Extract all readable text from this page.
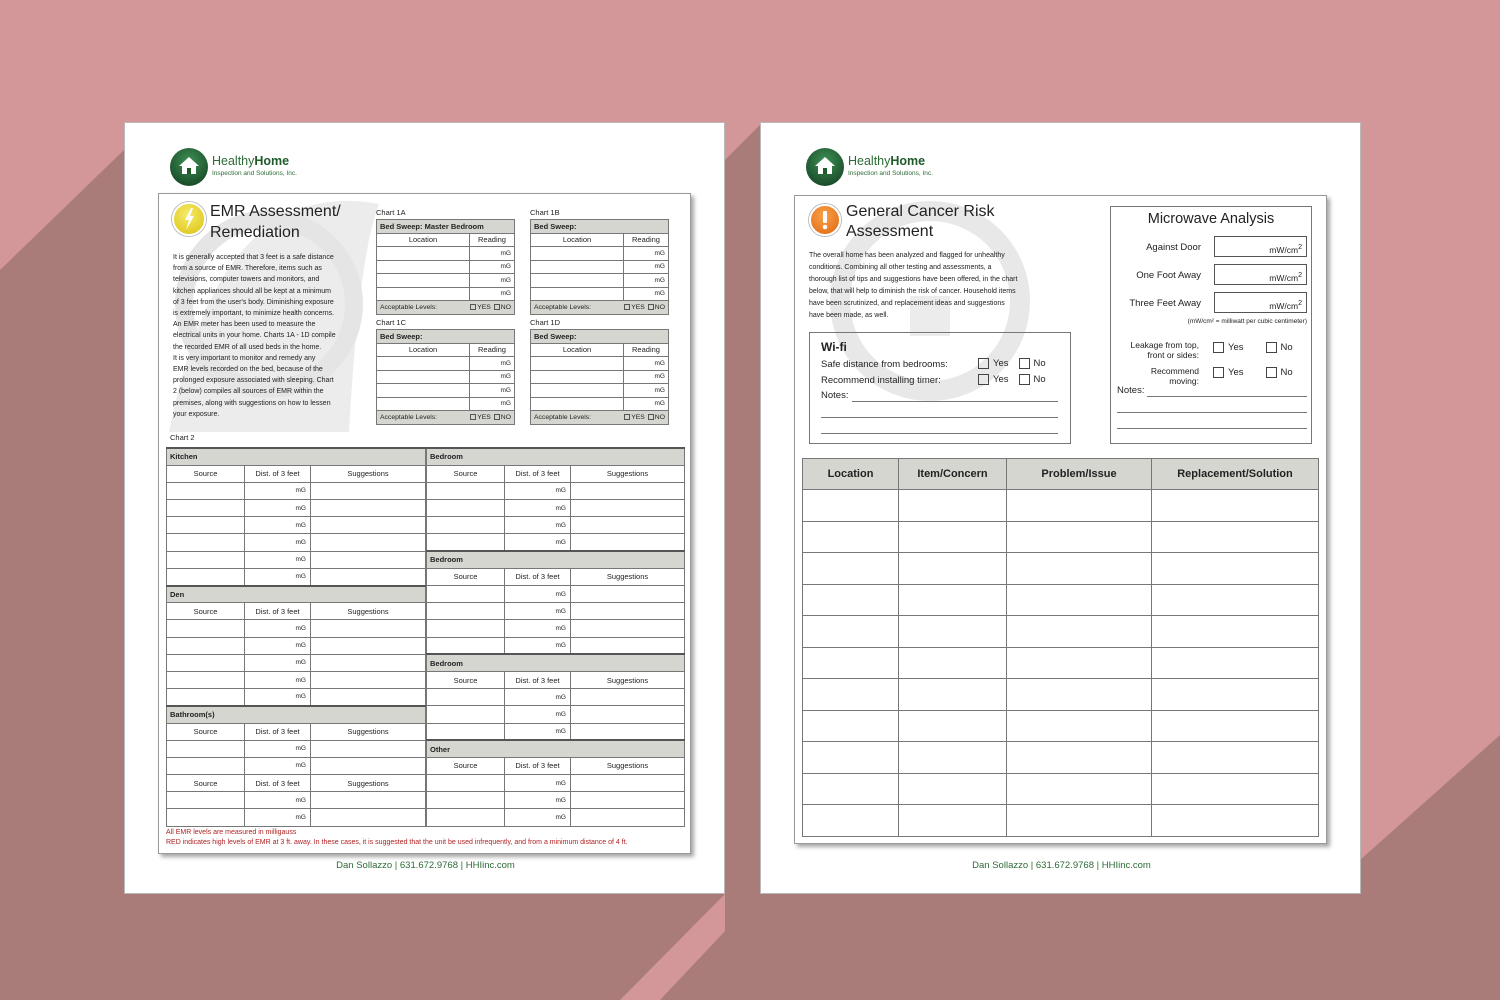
HealthyHome
Inspection and Solutions, Inc.
EMR Assessment/
Remediation
It is generally accepted that 3 feet is a safe distance
from a source of EMR. Therefore, items such as
televisions, computer towers and monitors, and
kitchen appliances should all be kept at a minimum
of 3 feet from the user's body. Diminishing exposure
is extremely important, to minimize health concerns.
An EMR meter has been used to measure the
electrical units in your home. Charts 1A - 1D compile
the recorded EMR of all used beds in the home.
It is very important to monitor and remedy any
EMR levels recorded on the bed, because of the
prolonged exposure associated with sleeping. Chart
2 (below) compiles all sources of EMR within the
premises, along with suggestions on how to lessen
your exposure.
Chart 1A
Bed Sweep: Master Bedroom	
Location	Reading
	mG
	mG
	mG
	mG
Acceptable Levels: YES NO	
Chart 1B
Bed Sweep:	
Location	Reading
	mG
	mG
	mG
	mG
Acceptable Levels: YES NO	
Chart 1C
Bed Sweep:	
Location	Reading
	mG
	mG
	mG
	mG
Acceptable Levels: YES NO	
Chart 1D
Bed Sweep:	
Location	Reading
	mG
	mG
	mG
	mG
Acceptable Levels: YES NO	
Chart 2
Kitchen		
Source	Dist. of 3 feet	Suggestions
	mG	
	mG	
	mG	
	mG	
	mG	
	mG	
Den		
Source	Dist. of 3 feet	Suggestions
	mG	
	mG	
	mG	
	mG	
	mG	
Bathroom(s)		
Source	Dist. of 3 feet	Suggestions
	mG	
	mG	
Source	Dist. of 3 feet	Suggestions
	mG	
	mG	
Bedroom		
Source	Dist. of 3 feet	Suggestions
	mG	
	mG	
	mG	
	mG	
Bedroom		
Source	Dist. of 3 feet	Suggestions
	mG	
	mG	
	mG	
	mG	
Bedroom		
Source	Dist. of 3 feet	Suggestions
	mG	
	mG	
	mG	
Other		
Source	Dist. of 3 feet	Suggestions
	mG	
	mG	
	mG	
All EMR levels are measured in milligauss
RED indicates high levels of EMR at 3 ft. away. In these cases, it is suggested that the unit be used infrequently, and from a minimum distance of 4 ft.
Dan Sollazzo | 631.672.9768 | HHIinc.com
HealthyHome
Inspection and Solutions, Inc.
General Cancer Risk
Assessment
The overall home has been analyzed and flagged for unhealthy
conditions. Combining all other testing and assessments, a
thorough list of tips and suggestions have been offered, in the chart
below, that will help to diminish the risk of cancer. Household items
have been scrutinized, and replacement ideas and suggestions
have been made, as well.
Wi-fi
Safe distance from bedrooms:	Yes	No
Recommend installing timer:	Yes	No
Notes:
Microwave Analysis
Against Door	$mW/cm^2$
One Foot Away	$mW/cm^2$
Three Feet Away	$mW/cm^2$
(mW/cm² = milliwatt per cubic centimeter)
Leakage from top,
front or sides:
Yes	No
Recommend
moving:
Yes	No
Notes:
Location	Item/Concern	Problem/Issue	Replacement/Solution

Dan Sollazzo | 631.672.9768 | HHIinc.com
